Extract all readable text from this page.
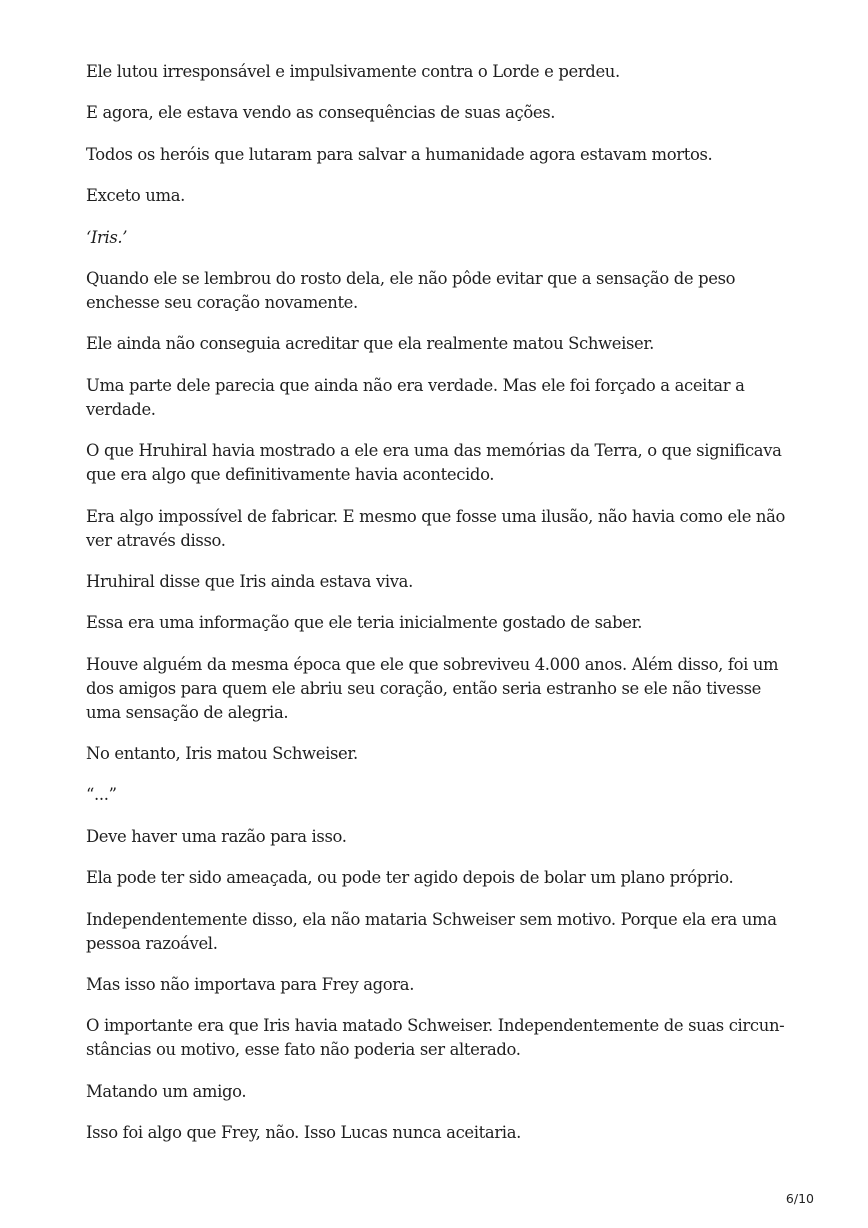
Ele lutou irresponsável e impulsivamente contra o Lorde e perdeu.

E agora, ele estava vendo as consequências de suas ações.

Todos os heróis que lutaram para salvar a humanidade agora estavam mortos.

Exceto uma.

‘Iris.’

Quando ele se lembrou do rosto dela, ele não pôde evitar que a sensação de peso enchesse seu coração novamente.

Ele ainda não conseguia acreditar que ela realmente matou Schweiser.

Uma parte dele parecia que ainda não era verdade. Mas ele foi forçado a aceitar a verdade.

O que Hruhiral havia mostrado a ele era uma das memórias da Terra, o que significava que era algo que definitivamente havia acontecido.

Era algo impossível de fabricar. E mesmo que fosse uma ilusão, não havia como ele não ver através disso.

Hruhiral disse que Iris ainda estava viva.

Essa era uma informação que ele teria inicialmente gostado de saber.

Houve alguém da mesma época que ele que sobreviveu 4.000 anos. Além disso, foi um dos amigos para quem ele abriu seu coração, então seria estranho se ele não tivesse uma sensação de alegria.

No entanto, Iris matou Schweiser.

“...”

Deve haver uma razão para isso.

Ela pode ter sido ameaçada, ou pode ter agido depois de bolar um plano próprio.

Independentemente disso, ela não mataria Schweiser sem motivo. Porque ela era uma pessoa razoável.

Mas isso não importava para Frey agora.

O importante era que Iris havia matado Schweiser. Independentemente de suas circunstâncias ou motivo, esse fato não poderia ser alterado.

Matando um amigo.

Isso foi algo que Frey, não. Isso Lucas nunca aceitaria.

6/10
